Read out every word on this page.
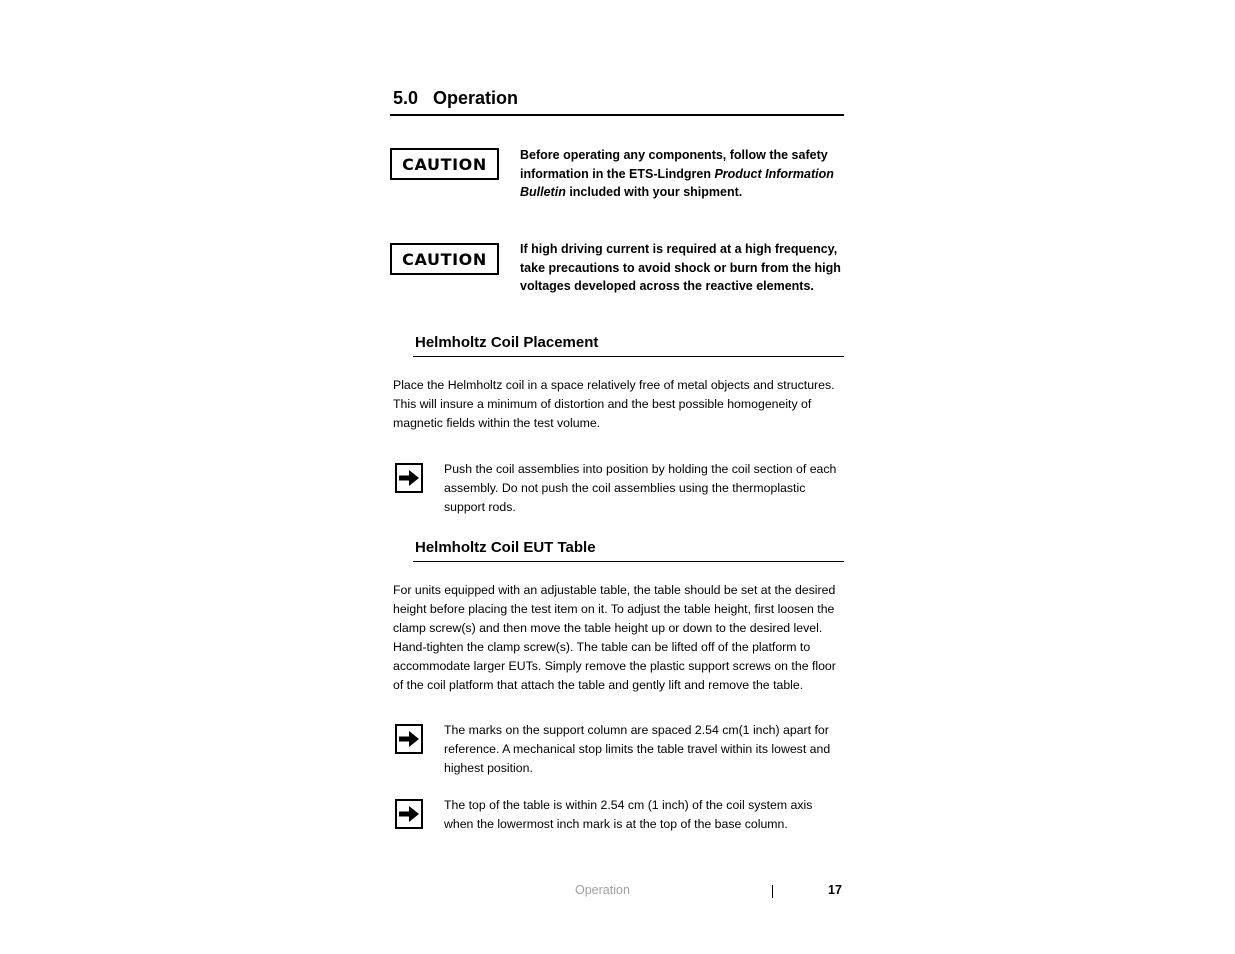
5.0   Operation
CAUTION	Before operating any components, follow the safety information in the ETS-Lindgren Product Information Bulletin included with your shipment.
CAUTION
If high driving current is required at a high frequency, take precautions to avoid shock or burn from the high voltages developed across the reactive elements.
Helmholtz Coil Placement
Place the Helmholtz coil in a space relatively free of metal objects and structures. This will insure a minimum of distortion and the best possible homogeneity of magnetic fields within the test volume.
Push the coil assemblies into position by holding the coil section of each assembly. Do not push the coil assemblies using the thermoplastic support rods.
Helmholtz Coil EUT Table
For units equipped with an adjustable table, the table should be set at the desired height before placing the test item on it. To adjust the table height, first loosen the clamp screw(s) and then move the table height up or down to the desired level. Hand-tighten the clamp screw(s). The table can be lifted off of the platform to accommodate larger EUTs. Simply remove the plastic support screws on the floor of the coil platform that attach the table and gently lift and remove the table.
The marks on the support column are spaced 2.54 cm(1 inch) apart for reference. A mechanical stop limits the table travel within its lowest and highest position.
The top of the table is within 2.54 cm (1 inch) of the coil system axis when the lowermost inch mark is at the top of the base column.
Operation	17
